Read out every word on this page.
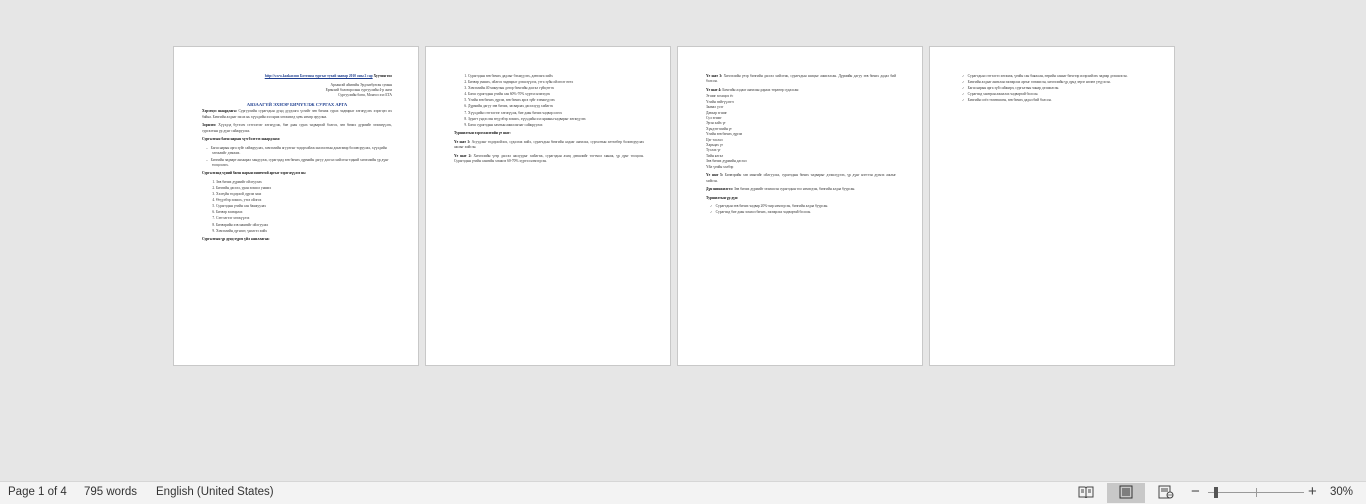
http://www.kazkar.mn Ботгоны зургыг тухай заавар 2010 оны 2 сар Хуучин тоо

Архангай аймгийн Эрдэнэбулган сумын

Ерөнхий боловсролын сургуулийн 4-р анги

Сургуулийн багш, Монгол хэл БТА

АВЗААГҮЙ ЭХНЭР БИЧҮҮЛЖ СУРГАХ АРГА

Хэрэгцээ шаардлага: Сургуулийн сурагчдын дунд дуудлага үсгийг зөв бичиж сурах чадварыг хөгжүүлэх хэрэгцээ их байна. Бичгийн алдааг засах нь хүүхдийн хэл яриа хөгжихөд хувь нэмэр оруулна.

Зорилго: Хүүхдэд бүтээлч сэтгэлгээг хөгжүүлж, бие даан сурах чадвартай болгох, зөв бичих дүрмийг эзэмшүүлэх, сургалтын үр дүнг сайжруулах.

Сургалтын багш нарын хүч бэлтгэх шаардлага:

– Багш нарын арга зүйг сайжруулах, хичээлийн агуулгыг тодорхойлж шалгалтын даалгавар боловсруулах, хүүхдийн хөгжлийг дэмжих.
– Бичгийн чадварт анхаарал хандуулж, сурагчдад зөв бичих дүрмийн дагуу дасгал хийлгэн тэдний хичээлийн үр дүнг тооцоолох.

Сургалтанд хүний багш нарын оновчтой аргыг хэрэгжүүлэх нь:

1. Зөв бичих дүрмийг ойлгуулах
2. Бичгийн дасгал, уран зохиол унших
3. Хэлзүйн тодорхой дүрэм заах
4. Өгүүлбэр зохиох, утга ойлгох
5. Сурагчдын үгийн сан баяжуулах
6. Бичвэр засварлах
7. Сэтгэлгээг хөгжүүлэх
8. Бичвэрийн хэв маягийг ойлгуулах
9. Хичээлийн дүгнэлт, үнэлгээ хийх

Сургалтын үр дүнд хүрэх үйл ажиллагаа:

1. Сурагчдын зөв бичих дадлыг бэхжүүлэх, давтлага хийх
2. Бичвэр унших, ойлгох чадварыг дээшлүүлэх, утга зүйн ойлголт өгөх
3. Хичээлийн 40 минутын дотор бичгийн дасгал гүйцэтгэх
4. Багш сурагчдын үгийн сан 60%-70% хүртэл нэмэгдэх
5. Үгийн зөв бичих дүрэм, зөв бичих арга зүйг эзэмшүүлэх
6. Дүрмийн дагуу зөв бичих, засварлах дасгалууд хийлгэх
7. Хүүхдийн сэтгэлгээг хөгжүүлж, бие даан бичих чадвар олгох
8. Зурагт үндэслэн өгүүлбэр зохиох, хүүхдийн хэл ярианы чадварыг хөгжүүлэх
9. Багш сурагчдын хамтын ажиллагааг сайжруулах

Туршилтын хэрэгжилтийн үе шат:

Үе шат 1: Асуудлыг тодорхойлох, судалгаа хийх, сурагчдын бичгийн алдааг ангилах, сургалтын хөтөлбөр боловсруулах ажлыг хийсэн.

Үе шат 2: Хичээлийн үеэр дасгал ажлуудыг хийлгэж, сурагчдын ахиц дэвшлийг тогтмол хянаж, үр дүнг тооцсон. Сурагчдын үгийн сангийн хэмжээ 60-70% хүртэл нэмэгдсэн.

Үе шат 3: Хичээлийн үеэр бичгийн дасгал хийлгэж, сурагчдын ахицыг ажигласан. Дүрмийн дагуу зөв бичих дадал бий болсон.

Үе шат 4: Бичгийн алдааг ангилан дараах төрлөөр судалсан:

Эгшиг зохицох ёс
Үгийн гийгүүлэгч
Заавал үсэг
Давхар эгшиг
Сул эгшиг
Эрэн хайх үг
Хүндэтгэлийн үг
Үгийн зөв бичих дүрэм
Цэг таслал
Харьцах үг
Туслах үг
Тийн ялгал
Зөв бичих дүрмийн дасгал
Үйл үгийн хэлбэр

Үе шат 5: Бичвэрийн хэв маягийг ойлгуулах, сурагчдын бичих чадварыг дээшлүүлэх, үр дүнг нэгтгэн дүгнэх ажлыг хийсэн.

Дүн шинжилгээ: Зөв бичих дүрмийг эзэмшсэн сурагчдын тоо нэмэгдэж, бичгийн алдаа буурсан.

Туршилтын үр дүн:

✓ Сурагчдын зөв бичих чадвар 20%-иар нэмэгдсэн, бичгийн алдаа буурсан.
✓ Сурагчид бие даан зохиол бичих, засварлах чадвартай болсон.
✓ Сурагчдын сэтгэлгээ хөгжиж, үгийн сан баяжсан, өөрийн санааг бичгээр илэрхийлэх чадвар дээшилсэн.
✓ Бичгийн алдааг ангилан засварлах аргыг эзэмшсэн, хичээлийн үр дүнд эерэг нөлөө үзүүлсэн.
✓ Багш нарын арга зүй сайжирч, сургалтын чанар дээшилсэн.
✓ Сурагчид хамтран ажиллах чадвартай болсон.
✓ Бичгийн соёл төлөвшсөн, зөв бичих дадал бий болсон.
Page 1 of 4 795 words English (United States)	−	+ 30%
